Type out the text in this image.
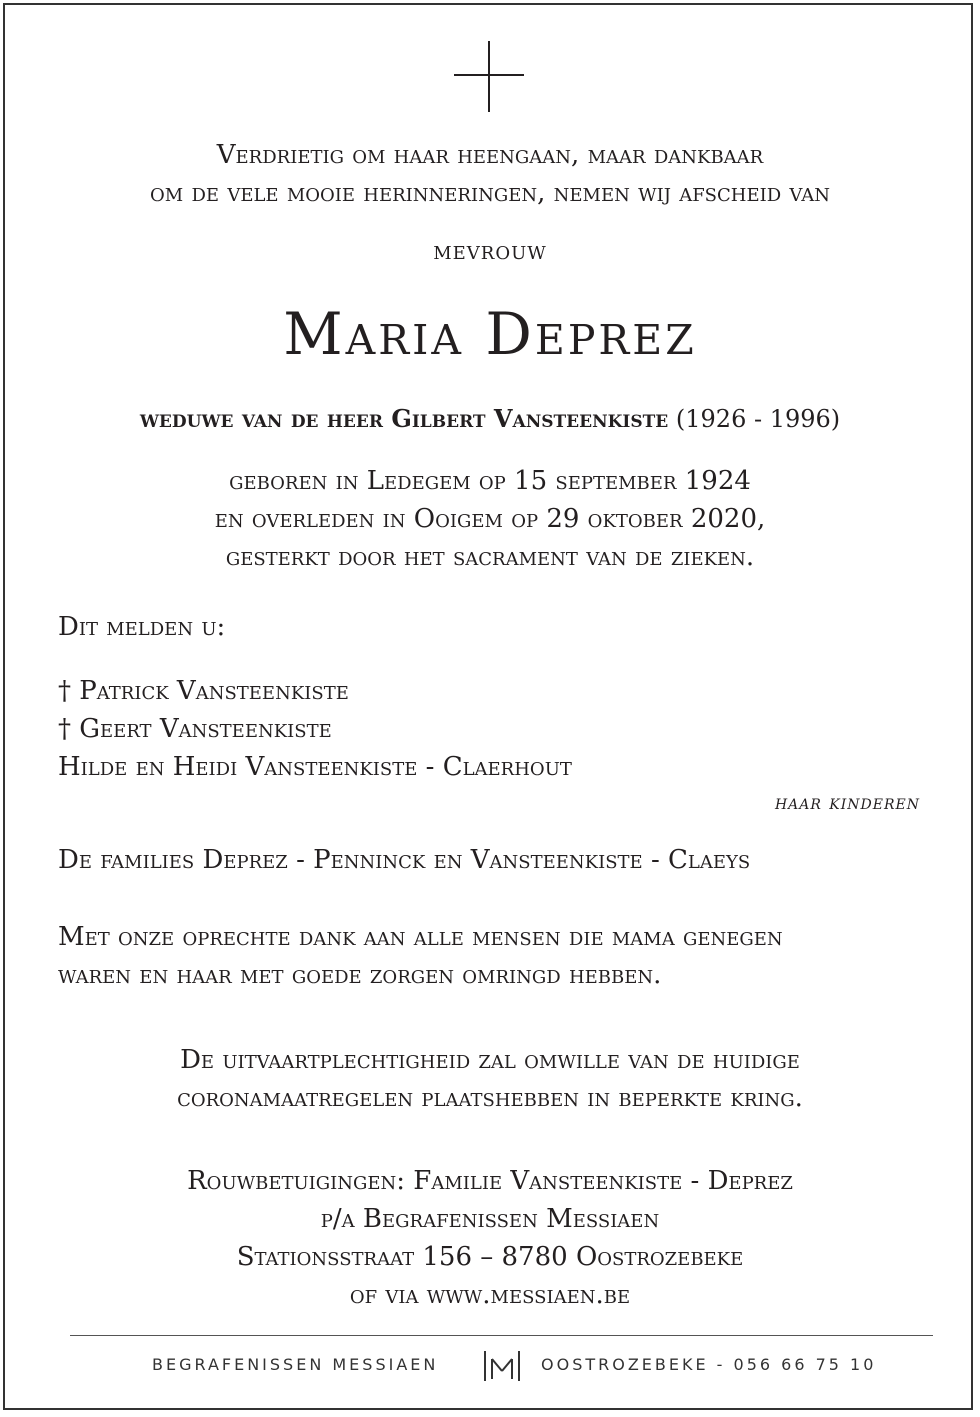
Verdrietig om haar heengaan, maar dankbaar
om de vele mooie herinneringen, nemen wij afscheid van
mevrouw
Maria Deprez
weduwe van de heer Gilbert Vansteenkiste (1926 - 1996)
geboren in Ledegem op 15 september 1924
en overleden in Ooigem op 29 oktober 2020,
gesterkt door het sacrament van de zieken.
Dit melden u:
† Patrick Vansteenkiste
† Geert Vansteenkiste
Hilde en Heidi Vansteenkiste - Claerhout
haar kinderen
De families Deprez - Penninck en Vansteenkiste - Claeys
Met onze oprechte dank aan alle mensen die mama genegen
waren en haar met goede zorgen omringd hebben.
De uitvaartplechtigheid zal omwille van de huidige
coronamaatregelen plaatshebben in beperkte kring.
Rouwbetuigingen: Familie Vansteenkiste - Deprez
p/a Begrafenissen Messiaen
Stationsstraat 156 – 8780 Oostrozebeke
of via www.messiaen.be
BEGRAFENISSEN MESSIAEN	OOSTROZEBEKE - 056 66 75 10
